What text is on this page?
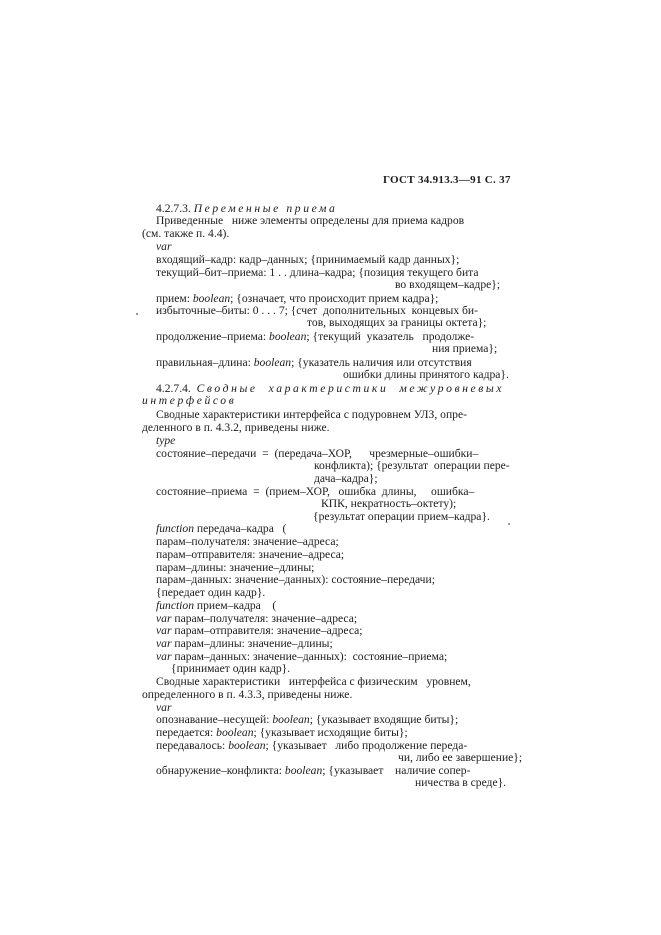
ГОСТ 34.913.3—91 С. 37
4.2.7.3. Переменные приема
Приведенные   ниже элементы определены для приема кадров
(см. также п. 4.4).
var
входящий–кадр: кадр–данных; {принимаемый кадр данных};
текущий–бит–приема: 1 . . длина–кадра; {позиция текущего бита
во входящем–кадре};
прием: boolean; {означает, что происходит прием кадра};
избыточные–биты: 0 . . . 7; {счет  дополнительных  концевых би-
тов, выходящих за границы октета};
продолжение–приема: boolean; {текущий  указатель   продолже-
ния приема};
правильная–длина: boolean; {указатель наличия или отсутствия
ошибки длины принятого кадра}.
4.2.7.4. Сводные  характеристики  межуровневых
интерфейсов
Сводные характеристики интерфейса с подуровнем УЛЗ, опре-
деленного в п. 4.3.2, приведены ниже.
type
состояние–передачи  =  (передача–ХОР,      чрезмерные–ошибки–
конфликта); {результат  операции пере-
дача–кадра};
состояние–приема  =  (прием–ХОР,   ошибка  длины,     ошибка–
КПК, некратность–октету);
{результат операции прием–кадра}.
function передача–кадра   (
парам–получателя: значение–адреса;
парам–отправителя: значение–адреса;
парам–длины: значение–длины;
парам–данных: значение–данных): состояние–передачи;
{передает один кадр}.
function прием–кадра    (
var парам–получателя: значение–адреса;
var парам–отправителя: значение–адреса;
var парам–длины: значение–длины;
var парам–данных: значение–данных):  состояние–приема;
{принимает один кадр}.
Сводные характеристики   интерфейса с физическим   уровнем,
определенного в п. 4.3.3, приведены ниже.
var
опознавание–несущей: boolean; {указывает входящие биты};
передается: boolean; {указывает исходящие биты};
передавалось: boolean; {указывает   либо продолжение переда-
чи, либо ее завершение};
обнаружение–конфликта: boolean; {указывает    наличие сопер-
ничества в среде}.
